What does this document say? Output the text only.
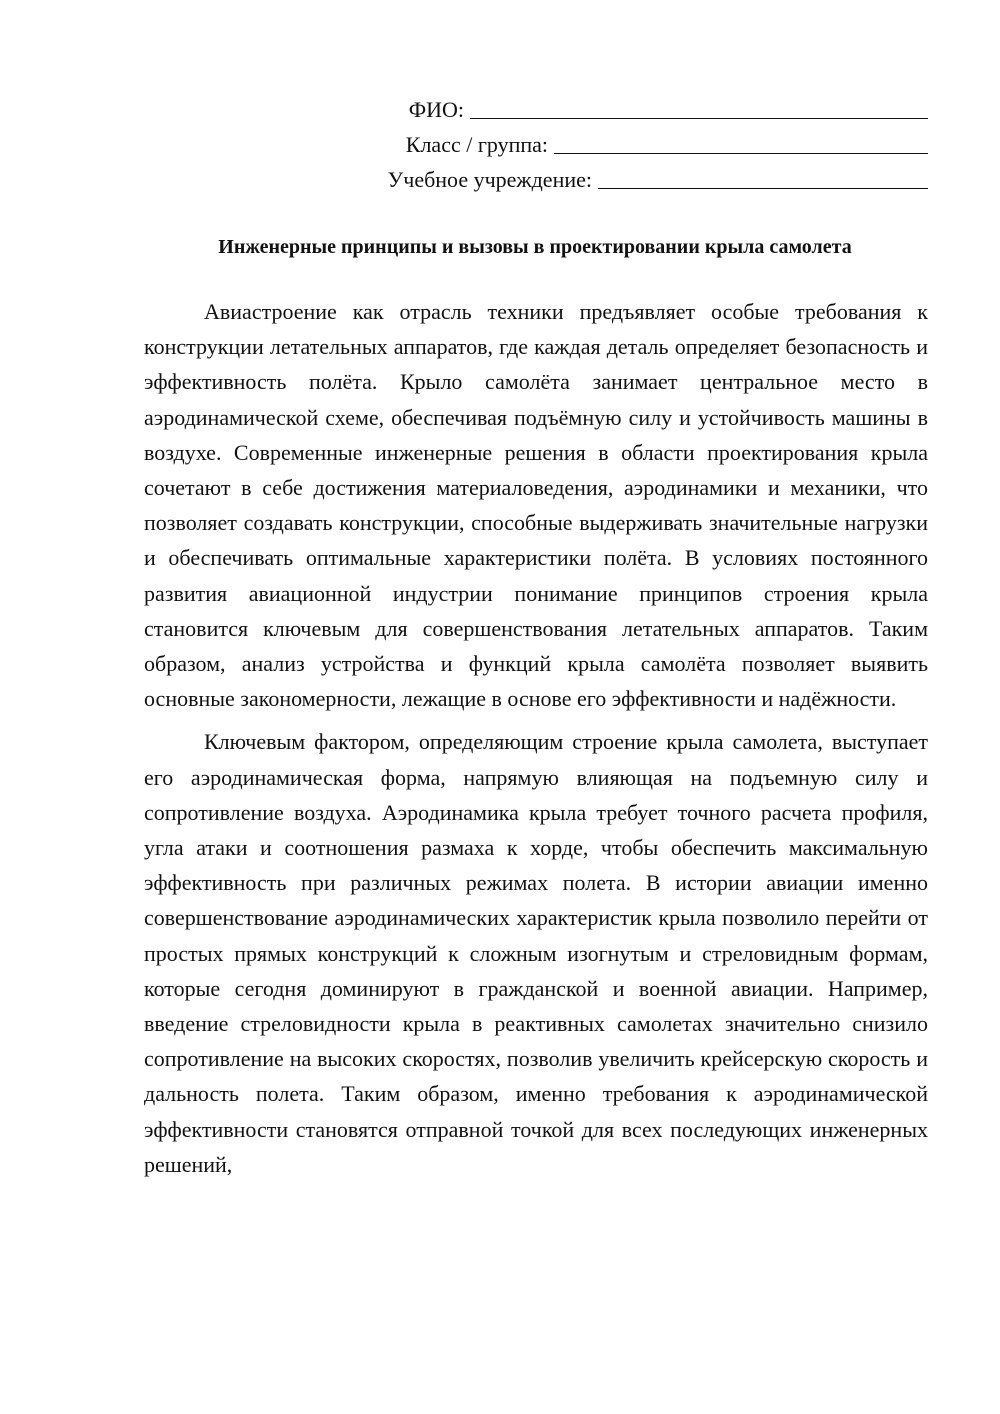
ФИО:
Класс / группа:
Учебное учреждение:
Инженерные принципы и вызовы в проектировании крыла самолета

Авиастроение как отрасль техники предъявляет особые требования к конструкции летательных аппаратов, где каждая деталь определяет безопасность и эффективность полёта. Крыло самолёта занимает центральное место в аэродинамической схеме, обеспечивая подъёмную силу и устойчивость машины в воздухе. Современные инженерные решения в области проектирования крыла сочетают в себе достижения материаловедения, аэродинамики и механики, что позволяет создавать конструкции, способные выдерживать значительные нагрузки и обеспечивать оптимальные характеристики полёта. В условиях постоянного развития авиационной индустрии понимание принципов строения крыла становится ключевым для совершенствования летательных аппаратов. Таким образом, анализ устройства и функций крыла самолёта позволяет выявить основные закономерности, лежащие в основе его эффективности и надёжности.

Ключевым фактором, определяющим строение крыла самолета, выступает его аэродинамическая форма, напрямую влияющая на подъемную силу и сопротивление воздуха. Аэродинамика крыла требует точного расчета профиля, угла атаки и соотношения размаха к хорде, чтобы обеспечить максимальную эффективность при различных режимах полета. В истории авиации именно совершенствование аэродинамических характеристик крыла позволило перейти от простых прямых конструкций к сложным изогнутым и стреловидным формам, которые сегодня доминируют в гражданской и военной авиации. Например, введение стреловидности крыла в реактивных самолетах значительно снизило сопротивление на высоких скоростях, позволив увеличить крейсерскую скорость и дальность полета. Таким образом, именно требования к аэродинамической эффективности становятся отправной точкой для всех последующих инженерных решений,
